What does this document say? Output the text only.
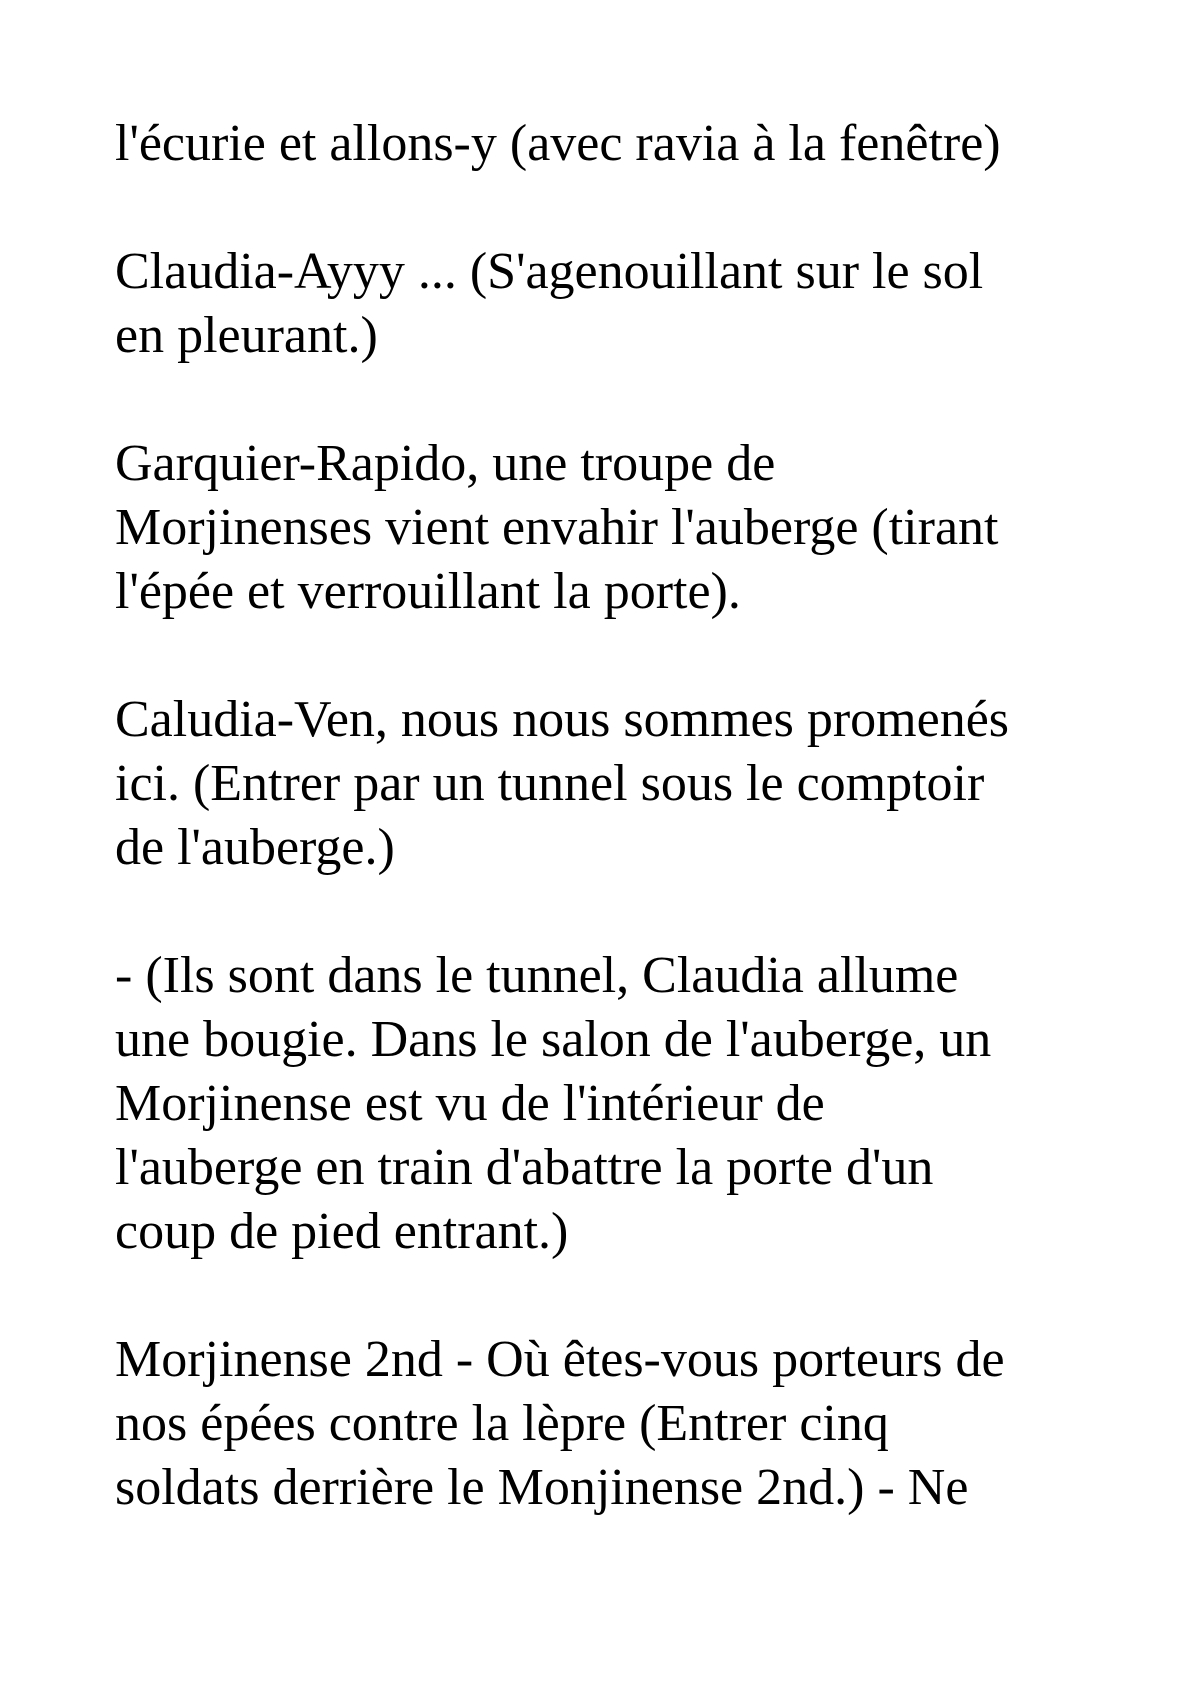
l'écurie et allons-y (avec ravia à la fenêtre)

Claudia-Ayyy ... (S'agenouillant sur le sol
en pleurant.)

Garquier-Rapido, une troupe de
Morjinenses vient envahir l'auberge (tirant
l'épée et verrouillant la porte).

Caludia-Ven, nous nous sommes promenés
ici. (Entrer par un tunnel sous le comptoir
de l'auberge.)

- (Ils sont dans le tunnel, Claudia allume
une bougie. Dans le salon de l'auberge, un
Morjinense est vu de l'intérieur de
l'auberge en train d'abattre la porte d'un
coup de pied entrant.)

Morjinense 2nd - Où êtes-vous porteurs de
nos épées contre la lèpre (Entrer cinq
soldats derrière le Monjinense 2nd.) - Ne
